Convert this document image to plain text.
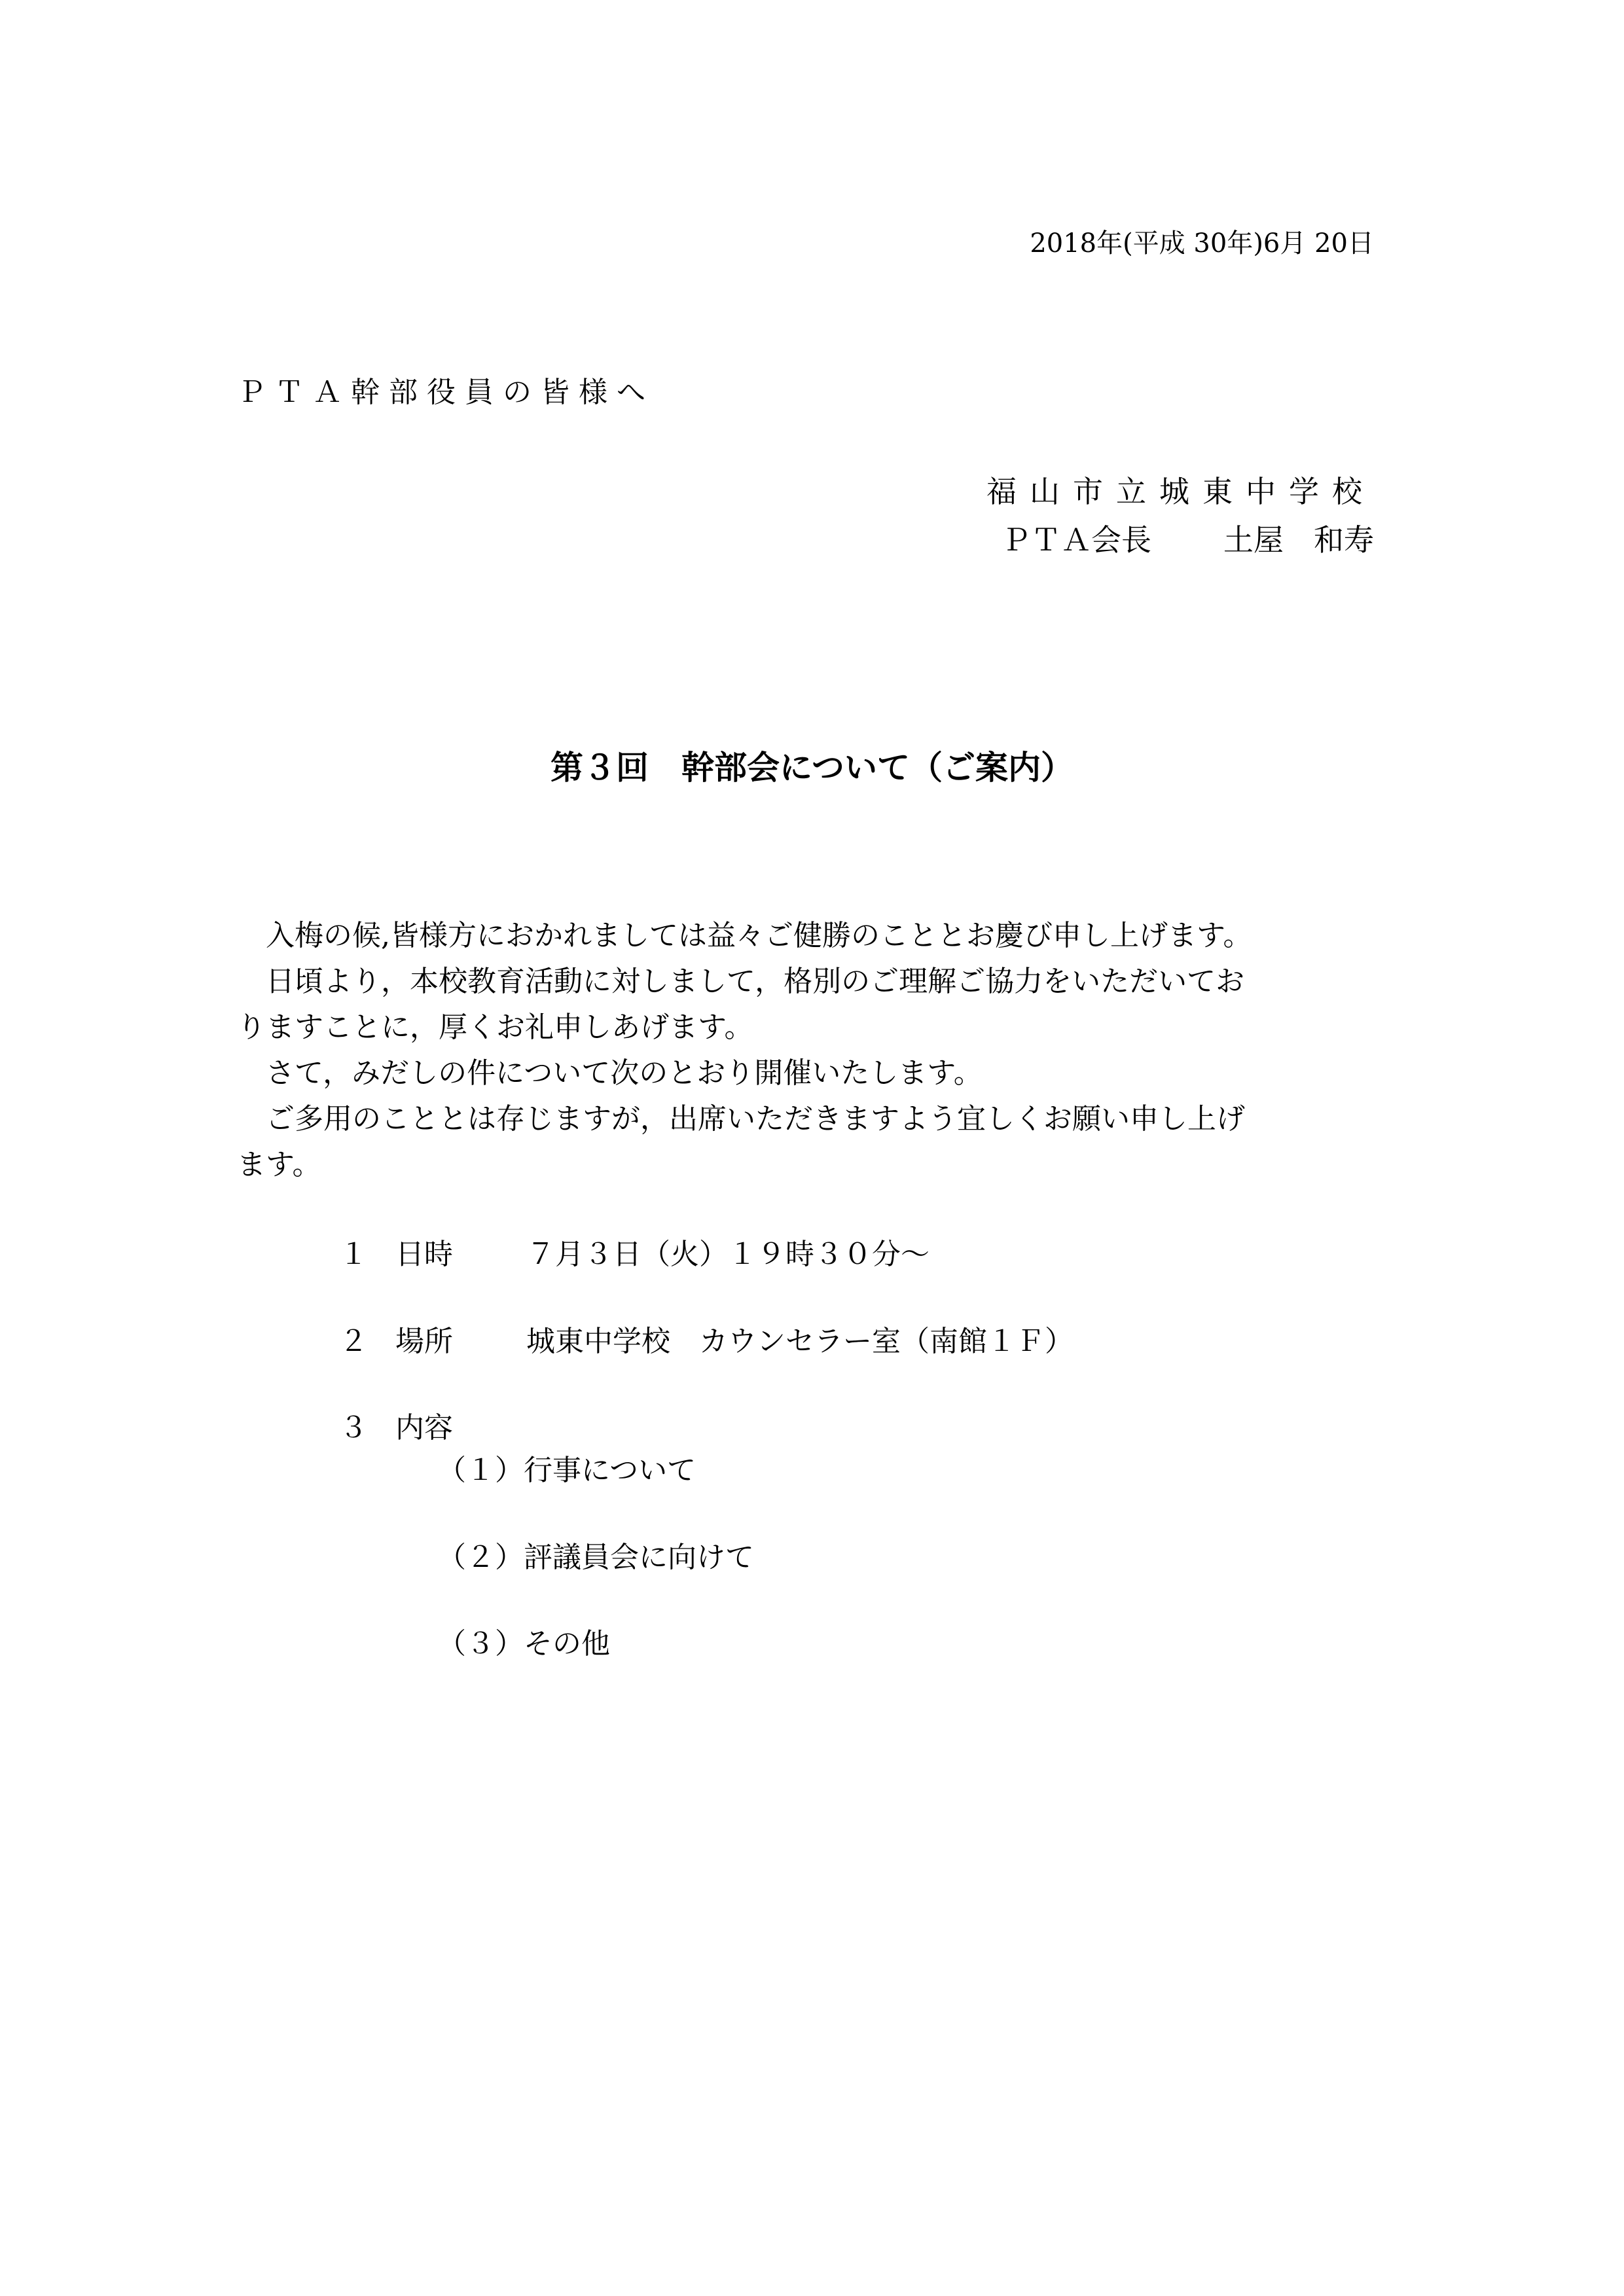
2018年(平成 30年)6月 20日
ＰＴＡ幹部役員の皆様へ
福山市立城東中学校
ＰＴＡ会長 土屋 和寿
第３回　幹部会について（ご案内）

　入梅の候,皆様方におかれましては益々ご健勝のこととお慶び申し上げます。

　日頃より，本校教育活動に対しまして，格別のご理解ご協力をいただいてお

りますことに，厚くお礼申しあげます。

　さて，みだしの件について次のとおり開催いたします。

　ご多用のこととは存じますが，出席いただきますよう宜しくお願い申し上げ

ます。

１ 日時	７月３日（火）１９時３０分～
２ 場所	城東中学校　カウンセラー室（南館１Ｆ）
３ 内容
（１）行事について
（２）評議員会に向けて
（３）その他
